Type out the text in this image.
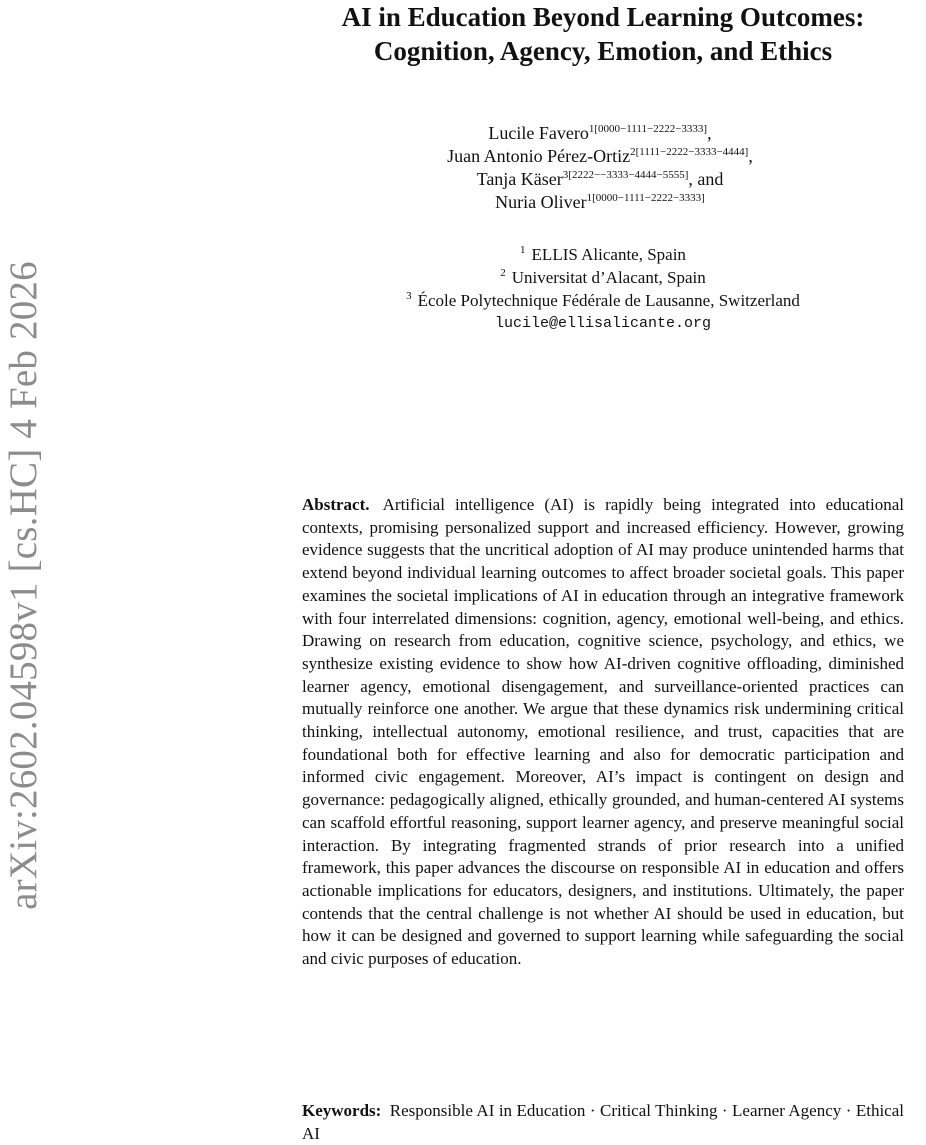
arXiv:2602.04598v1 [cs.HC] 4 Feb 2026
AI in Education Beyond Learning Outcomes:
Cognition, Agency, Emotion, and Ethics
Lucile Favero$^{1[0000-1111-2222-3333]}$,
Juan Antonio Pérez-Ortiz$^{2[1111-2222-3333-4444]}$,
Tanja Käser$^{3[2222--3333-4444-5555]}$, and
Nuria Oliver$^{1[0000-1111-2222-3333]}$
$^1$ ELLIS Alicante, Spain
$^2$ Universitat d’Alacant, Spain
$^3$ École Polytechnique Fédérale de Lausanne, Switzerland
lucile@ellisalicante.org
Abstract. Artificial intelligence (AI) is rapidly being integrated into educational contexts, promising personalized support and increased efficiency. However, growing evidence suggests that the uncritical adoption of AI may produce unintended harms that extend beyond individual learning outcomes to affect broader societal goals. This paper examines the societal implications of AI in education through an integrative framework with four interrelated dimensions: cognition, agency, emotional well-being, and ethics. Drawing on research from education, cognitive science, psychology, and ethics, we synthesize existing evidence to show how AI-driven cognitive offloading, diminished learner agency, emotional disengagement, and surveillance-oriented practices can mutually reinforce one another. We argue that these dynamics risk undermining critical thinking, intellectual autonomy, emotional resilience, and trust, capacities that are foundational both for effective learning and also for democratic participation and informed civic engagement. Moreover, AI’s impact is contingent on design and governance: pedagogically aligned, ethically grounded, and human-centered AI systems can scaffold effortful reasoning, support learner agency, and preserve meaningful social interaction. By integrating fragmented strands of prior research into a unified framework, this paper advances the discourse on responsible AI in education and offers actionable implications for educators, designers, and institutions. Ultimately, the paper contends that the central challenge is not whether AI should be used in education, but how it can be designed and governed to support learning while safeguarding the social and civic purposes of education.
Keywords: Responsible AI in Education · Critical Thinking · Learner Agency · Ethical AI
